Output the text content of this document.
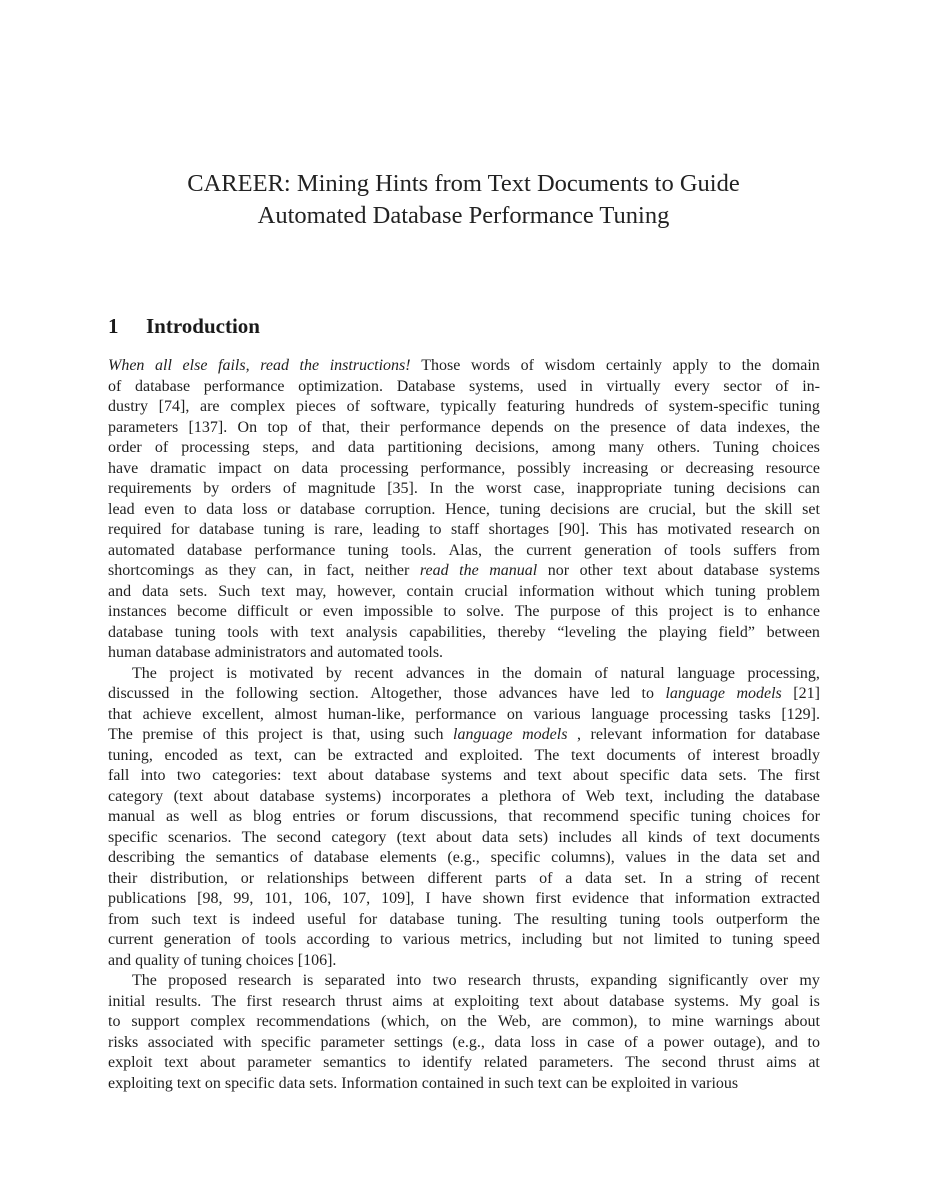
CAREER: Mining Hints from Text Documents to Guide
Automated Database Performance Tuning
1 Introduction
When all else fails, read the instructions! Those words of wisdom certainly apply to the domain
of database performance optimization. Database systems, used in virtually every sector of in-
dustry [74], are complex pieces of software, typically featuring hundreds of system-specific tuning
parameters [137]. On top of that, their performance depends on the presence of data indexes, the
order of processing steps, and data partitioning decisions, among many others. Tuning choices
have dramatic impact on data processing performance, possibly increasing or decreasing resource
requirements by orders of magnitude [35]. In the worst case, inappropriate tuning decisions can
lead even to data loss or database corruption. Hence, tuning decisions are crucial, but the skill set
required for database tuning is rare, leading to staff shortages [90]. This has motivated research on
automated database performance tuning tools. Alas, the current generation of tools suffers from
shortcomings as they can, in fact, neither read the manual nor other text about database systems
and data sets. Such text may, however, contain crucial information without which tuning problem
instances become difficult or even impossible to solve. The purpose of this project is to enhance
database tuning tools with text analysis capabilities, thereby “leveling the playing field” between
human database administrators and automated tools.
The project is motivated by recent advances in the domain of natural language processing,
discussed in the following section. Altogether, those advances have led to language models [21]
that achieve excellent, almost human-like, performance on various language processing tasks [129].
The premise of this project is that, using such language models , relevant information for database
tuning, encoded as text, can be extracted and exploited. The text documents of interest broadly
fall into two categories: text about database systems and text about specific data sets. The first
category (text about database systems) incorporates a plethora of Web text, including the database
manual as well as blog entries or forum discussions, that recommend specific tuning choices for
specific scenarios. The second category (text about data sets) includes all kinds of text documents
describing the semantics of database elements (e.g., specific columns), values in the data set and
their distribution, or relationships between different parts of a data set. In a string of recent
publications [98, 99, 101, 106, 107, 109], I have shown first evidence that information extracted
from such text is indeed useful for database tuning. The resulting tuning tools outperform the
current generation of tools according to various metrics, including but not limited to tuning speed
and quality of tuning choices [106].
The proposed research is separated into two research thrusts, expanding significantly over my
initial results. The first research thrust aims at exploiting text about database systems. My goal is
to support complex recommendations (which, on the Web, are common), to mine warnings about
risks associated with specific parameter settings (e.g., data loss in case of a power outage), and to
exploit text about parameter semantics to identify related parameters. The second thrust aims at
exploiting text on specific data sets. Information contained in such text can be exploited in various
